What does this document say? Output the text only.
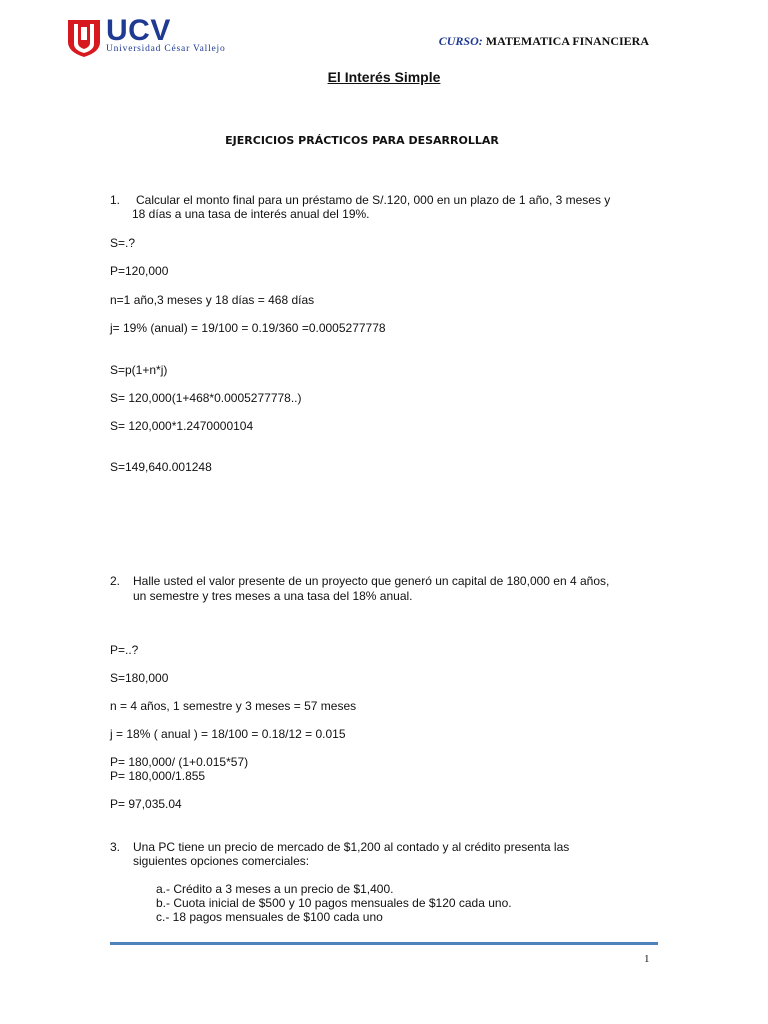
UCV
Universidad César Vallejo
CURSO: MATEMATICA FINANCIERA
El Interés Simple
EJERCICIOS PRÁCTICOS PARA DESARROLLAR
1. Calcular el monto final para un préstamo de S/.120, 000 en un plazo de 1 año, 3 meses y
18 días a una tasa de interés anual del 19%.
S=.?
P=120,000
n=1 año,3 meses y 18 días = 468 días
j= 19% (anual) = 19/100 = 0.19/360 =0.0005277778
S=p(1+n*j)
S= 120,000(1+468*0.0005277778..)
S= 120,000*1.2470000104
S=149,640.001248
2. Halle usted el valor presente de un proyecto que generó un capital de 180,000 en 4 años,
un semestre y tres meses a una tasa del 18% anual.
P=..?
S=180,000
n = 4 años, 1 semestre y 3 meses = 57 meses
j = 18% ( anual ) = 18/100 = 0.18/12 = 0.015
P= 180,000/ (1+0.015*57)
P= 180,000/1.855
P= 97,035.04
3. Una PC tiene un precio de mercado de $1,200 al contado y al crédito presenta las
siguientes opciones comerciales:
a.- Crédito a 3 meses a un precio de $1,400.
b.- Cuota inicial de $500 y 10 pagos mensuales de $120 cada uno.
c.- 18 pagos mensuales de $100 cada uno
1
